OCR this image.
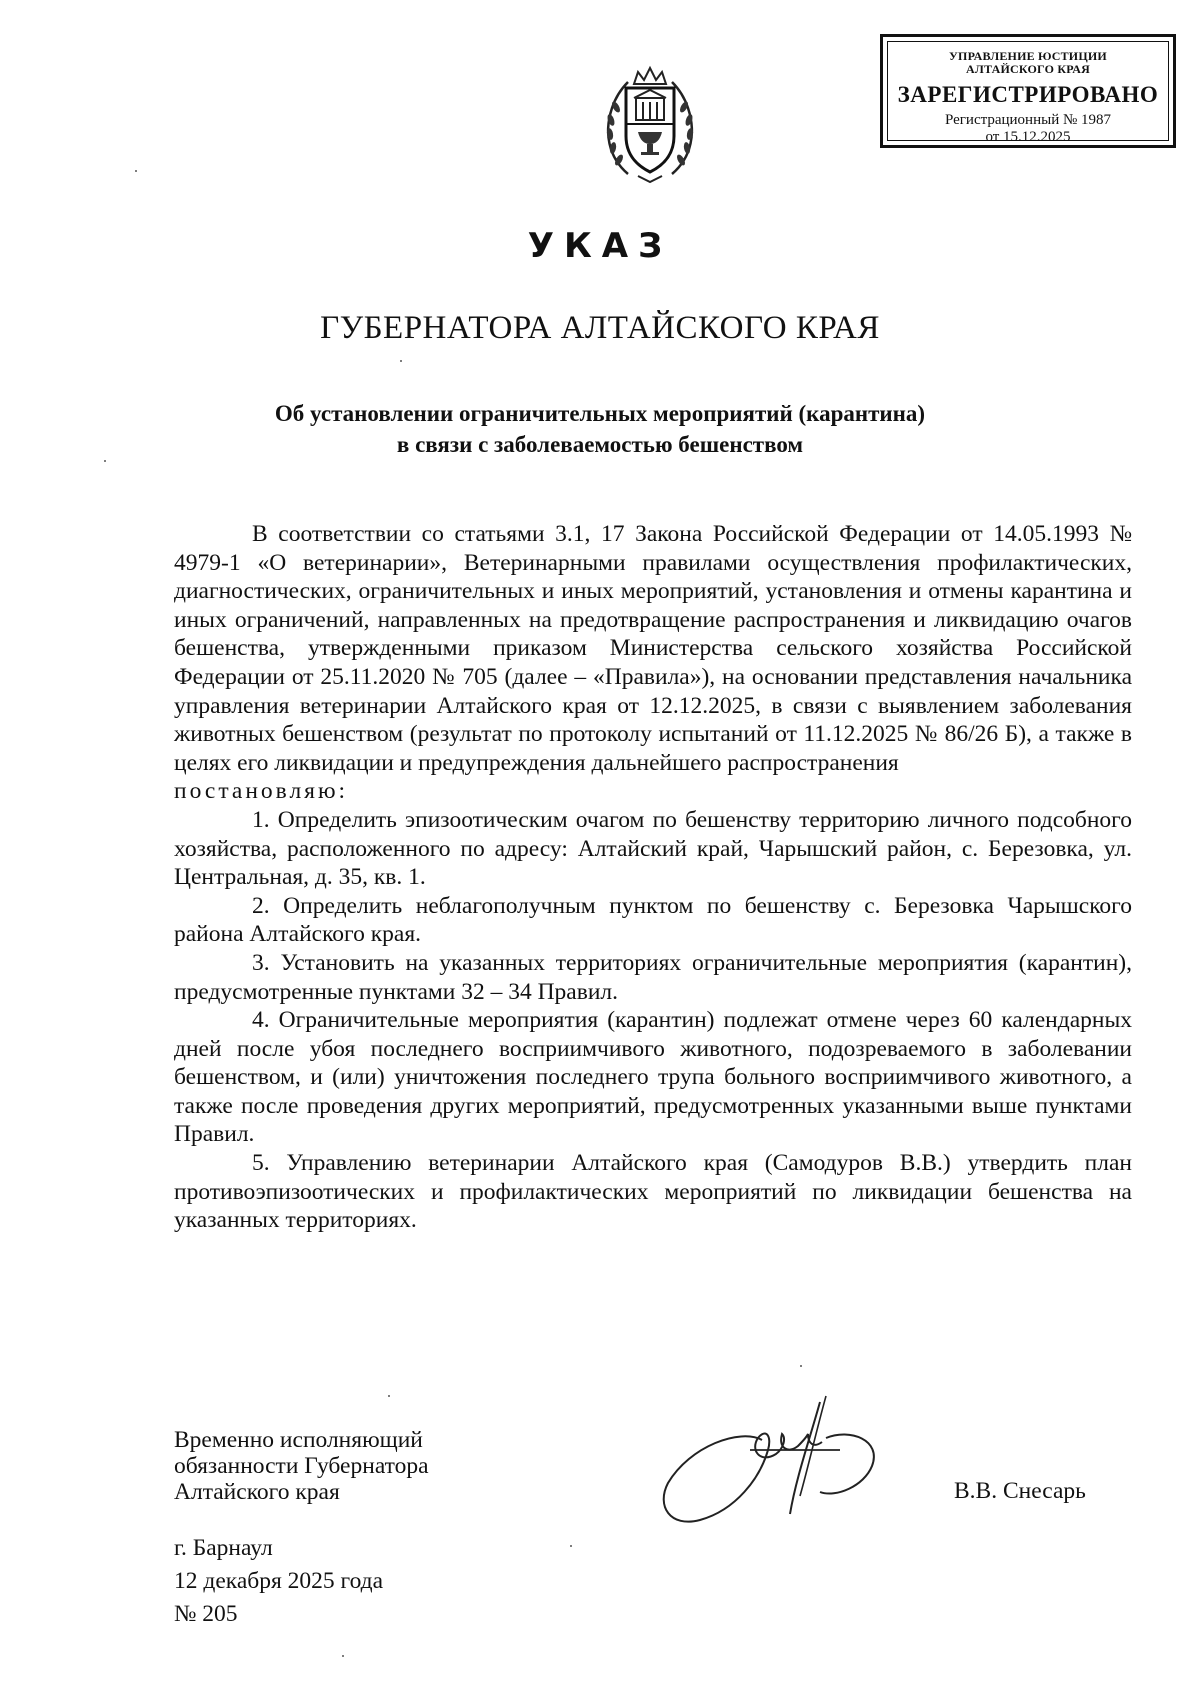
УПРАВЛЕНИЕ ЮСТИЦИИ
АЛТАЙСКОГО КРАЯ
ЗАРЕГИСТРИРОВАНО
Регистрационный № 1987
от 15.12.2025
УКАЗ
ГУБЕРНАТОРА АЛТАЙСКОГО КРАЯ
Об установлении ограничительных мероприятий (карантина)
в связи с заболеваемостью бешенством

В соответствии со статьями 3.1, 17 Закона Российской Федерации от 14.05.1993 № 4979-1 «О ветеринарии», Ветеринарными правилами осуществления профилактических, диагностических, ограничительных и иных мероприятий, установления и отмены карантина и иных ограничений, направленных на предотвращение распространения и ликвидацию очагов бешенства, утвержденными приказом Министерства сельского хозяйства Российской Федерации от 25.11.2020 № 705 (далее – «Правила»), на основании представления начальника управления ветеринарии Алтайского края от 12.12.2025, в связи с выявлением заболевания животных бешенством (результат по протоколу испытаний от 11.12.2025 № 86/26 Б), а также в целях его ликвидации и предупреждения дальнейшего распространения

постановляю:

1. Определить эпизоотическим очагом по бешенству территорию личного подсобного хозяйства, расположенного по адресу: Алтайский край, Чарышский район, с. Березовка, ул. Центральная, д. 35, кв. 1.

2. Определить неблагополучным пунктом по бешенству с. Березовка Чарышского района Алтайского края.

3. Установить на указанных территориях ограничительные мероприятия (карантин), предусмотренные пунктами 32 – 34 Правил.

4. Ограничительные мероприятия (карантин) подлежат отмене через 60 календарных дней после убоя последнего восприимчивого животного, подозреваемого в заболевании бешенством, и (или) уничтожения последнего трупа больного восприимчивого животного, а также после проведения других мероприятий, предусмотренных указанными выше пунктами Правил.

5. Управлению ветеринарии Алтайского края (Самодуров В.В.) утвердить план противоэпизоотических и профилактических мероприятий по ликвидации бешенства на указанных территориях.

Временно исполняющий
обязанности Губернатора
Алтайского края	В.В. Снесарь
г. Барнаул
12 декабря 2025 года
№ 205
